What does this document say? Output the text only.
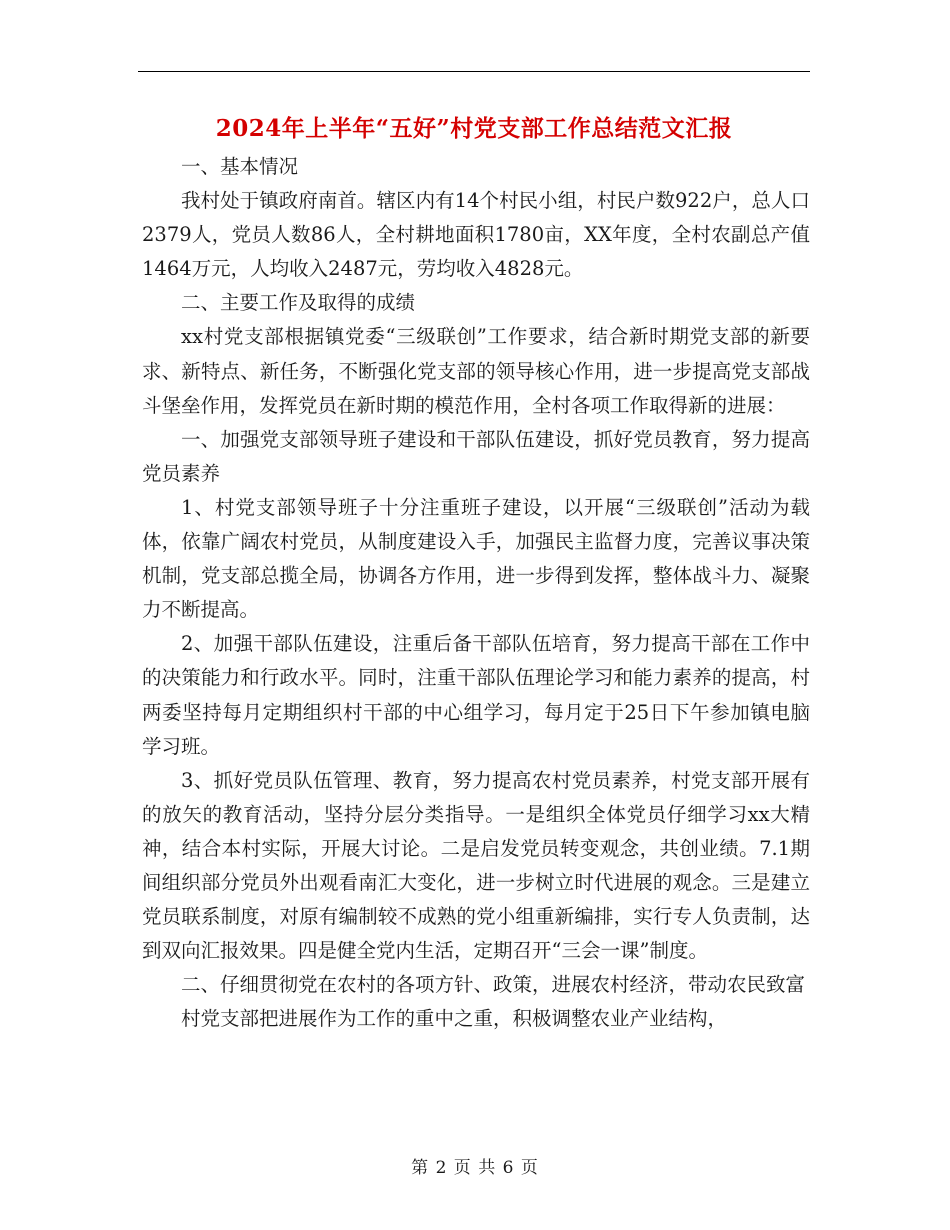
2024年上半年“五好”村党支部工作总结范文汇报

一、基本情况

我村处于镇政府南首。辖区内有14个村民小组，村民户数922户，总人口2379人，党员人数86人，全村耕地面积1780亩，XX年度，全村农副总产值1464万元，人均收入2487元，劳均收入4828元。

二、主要工作及取得的成绩

xx村党支部根据镇党委“三级联创”工作要求，结合新时期党支部的新要求、新特点、新任务，不断强化党支部的领导核心作用，进一步提高党支部战斗堡垒作用，发挥党员在新时期的模范作用，全村各项工作取得新的进展：

一、加强党支部领导班子建设和干部队伍建设，抓好党员教育，努力提高党员素养

1、村党支部领导班子十分注重班子建设，以开展“三级联创”活动为载体，依靠广阔农村党员，从制度建设入手，加强民主监督力度，完善议事决策机制，党支部总揽全局，协调各方作用，进一步得到发挥，整体战斗力、凝聚力不断提高。

2、加强干部队伍建设，注重后备干部队伍培育，努力提高干部在工作中的决策能力和行政水平。同时，注重干部队伍理论学习和能力素养的提高，村两委坚持每月定期组织村干部的中心组学习，每月定于25日下午参加镇电脑学习班。

3、抓好党员队伍管理、教育，努力提高农村党员素养，村党支部开展有的放矢的教育活动，坚持分层分类指导。一是组织全体党员仔细学习xx大精神，结合本村实际，开展大讨论。二是启发党员转变观念，共创业绩。7.1期间组织部分党员外出观看南汇大变化，进一步树立时代进展的观念。三是建立党员联系制度，对原有编制较不成熟的党小组重新编排，实行专人负责制，达到双向汇报效果。四是健全党内生活，定期召开“三会一课”制度。

二、仔细贯彻党在农村的各项方针、政策，进展农村经济，带动农民致富

村党支部把进展作为工作的重中之重，积极调整农业产业结构，

第 2 页 共 6 页
